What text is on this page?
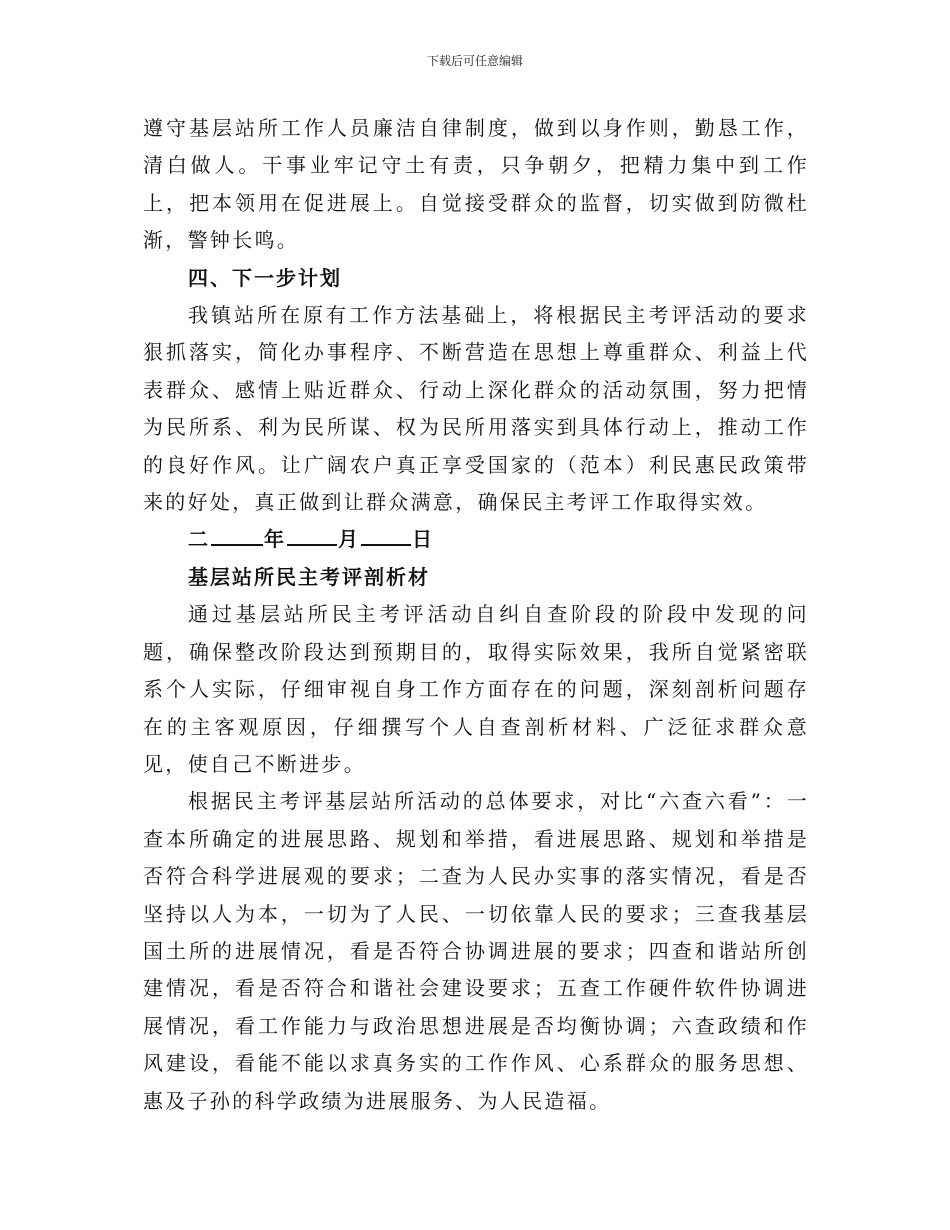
下载后可任意编辑

遵守基层站所工作人员廉洁自律制度，做到以身作则，勤恳工作，清白做人。干事业牢记守土有责，只争朝夕，把精力集中到工作上，把本领用在促进展上。自觉接受群众的监督，切实做到防微杜渐，警钟长鸣。

四、下一步计划

我镇站所在原有工作方法基础上，将根据民主考评活动的要求狠抓落实，简化办事程序、不断营造在思想上尊重群众、利益上代表群众、感情上贴近群众、行动上深化群众的活动氛围，努力把情为民所系、利为民所谋、权为民所用落实到具体行动上，推动工作的良好作风。让广阔农户真正享受国家的（范本）利民惠民政策带来的好处，真正做到让群众满意，确保民主考评工作取得实效。

二	年	月	日

基层站所民主考评剖析材

通过基层站所民主考评活动自纠自查阶段的阶段中发现的问题，确保整改阶段达到预期目的，取得实际效果，我所自觉紧密联系个人实际，仔细审视自身工作方面存在的问题，深刻剖析问题存在的主客观原因，仔细撰写个人自查剖析材料、广泛征求群众意见，使自己不断进步。

根据民主考评基层站所活动的总体要求，对比“六查六看”：一查本所确定的进展思路、规划和举措，看进展思路、规划和举措是否符合科学进展观的要求；二查为人民办实事的落实情况，看是否坚持以人为本，一切为了人民、一切依靠人民的要求；三查我基层国土所的进展情况，看是否符合协调进展的要求；四查和谐站所创建情况，看是否符合和谐社会建设要求；五查工作硬件软件协调进展情况，看工作能力与政治思想进展是否均衡协调；六查政绩和作风建设，看能不能以求真务实的工作作风、心系群众的服务思想、惠及子孙的科学政绩为进展服务、为人民造福。
